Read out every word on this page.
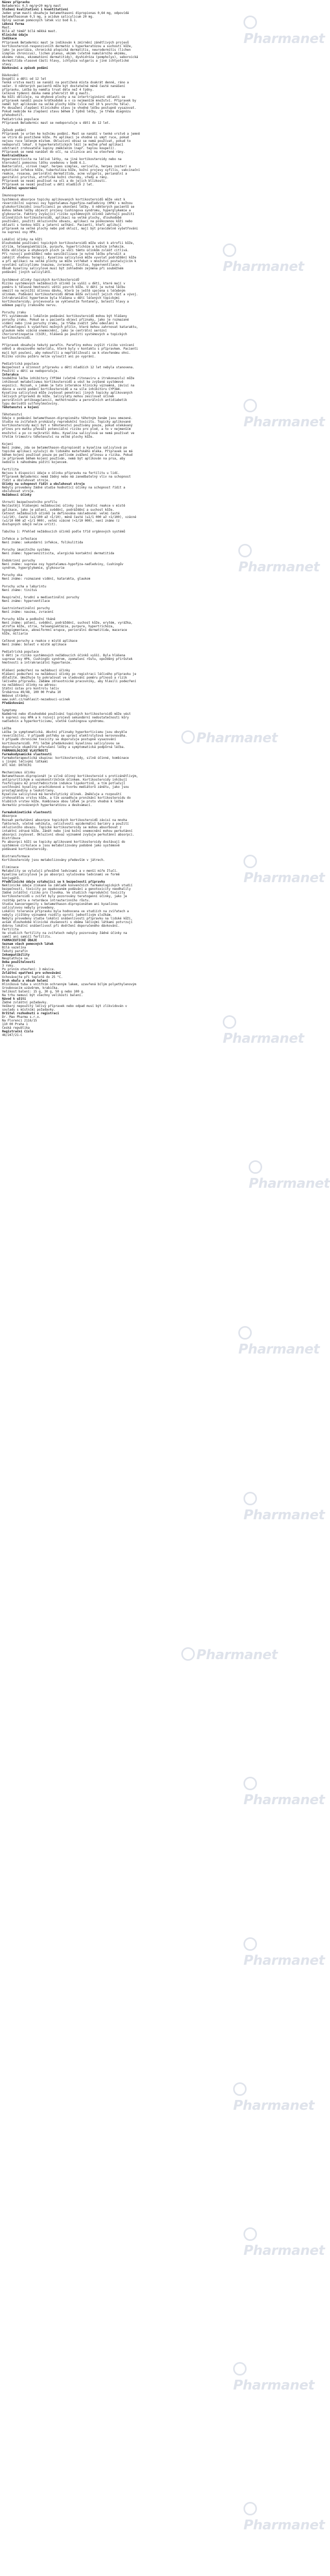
Název přípravku
Betadermic 0,5 mg/g+20 mg/g mast
Složení kvalitativní i kvantitativní
Jeden gram masti obsahuje betamethasoni dipropionas 0,64 mg, odpovídá
betamethasonum 0,5 mg, a acidum salicylicum 20 mg.
Úplný seznam pomocných látek viz bod 6.1.
Léková forma
Mast.
Bílá až téměř bílá měkká mast.
Klinické údaje
Indikace
Přípravek Betadermic mast je indikován k zmírnění zánětlivých projevů
kortikosteroid-responzivních dermatóz s hyperkeratózou a suchostí kůže,
jako je psoriáza, chronická atopická dermatitis, neurodermitis (lichen
simplex chronicus), lichen planus, ekzém (včetně numulárního ekzému,
ekzému rukou, ekzematózní dermatitidy), dyshidróza (pompholyx), seboroická
dermatitida vlasové části hlavy, ichtyóza vulgaris a jiné ichtyotické
stavy.
Dávkování a způsob podání
Dávkování
Dospělí a děti od 12 let
Tenká vrstva masti se nanáší na postižená místa dvakrát denně, ráno a
večer. U některých pacientů může být dostatečné méně časté nanášení
přípravku. Léčba by neměla trvat déle než 4 týdny.
Celková týdenní dávka nemá překročit 60 g masti.
Na kůži obličeje, na ohybové plochy a na intertriginózní oblasti se
přípravek nanáší pouze krátkodobě a v co nejmenším množství. Přípravek by
neměl být aplikován na velké plochy kůže (více než 10 % povrchu těla).
Po dosažení zlepšení klinického stavu je vhodné léčbu postupně vysazovat.
Pokud nedojde ke zlepšení stavu během 2 týdnů léčby, je třeba diagnózu
přehodnotit.
Pediatrická populace
Přípravek Betadermic mast se nedoporučuje u dětí do 12 let.
Způsob podání
Přípravek je určen ke kožnímu podání. Mast se nanáší v tenké vrstvě a jemně
se vtírá do postižené kůže. Po aplikaci je vhodné si umýt ruce, pokud
nejsou ruce léčeným místem. Okluzivní obvaz se nemá používat, pokud to
nedoporučí lékař. U hyperkeratotických lézí je možné před aplikací
odstranit zrohovatělé šupiny změkčením (např. teplou koupelí).
Přípravek se nemá nanášet do očí, na sliznice ani na otevřené rány.
Kontraindikace
Hypersenzitivita na léčivé látky, na jiné kortikosteroidy nebo na
kteroukoli pomocnou látku uvedenou v bodě 6.1.
Bakteriální, virové (např. herpes simplex, varicella, herpes zoster) a
mykotické infekce kůže, tuberkulóza kůže, kožní projevy syfilis, vakcinační
reakce, rosacea, periorální dermatitida, acne vulgaris, perianální a
genitální pruritus, atrofické kožní choroby, vředy a rány.
Přípravek se nesmí používat na oči a do jejich blízkosti.
Přípravek se nesmí používat u dětí mladších 2 let.
Zvláštní upozornění
Imunosuprese
Systémová absorpce topicky aplikovaných kortikosteroidů může vést k
reverzibilní supresi osy hypotalamus-hypofýza-nadledviny (HPA) s možnou
glukokortikoidní insuficiencí po ukončení léčby. U některých pacientů se
mohou během léčby objevit projevy Cushingova syndromu, hyperglykemie a
glykosurie. Faktory zvyšující riziko systémových účinků zahrnují použití
účinnějších kortikosteroidů, aplikaci na velké plochy, dlouhodobé
používání, použití okluzivního obvazu, aplikaci na poškozenou kůži nebo
oblasti s tenkou kůží a jaterní selhání. Pacienti, kteří aplikují
přípravek na velké plochy nebo pod okluzí, mají být pravidelně vyšetřováni
na supresi osy HPA.
Lokální účinky na kůži
Dlouhodobé používání topických kortikosteroidů může vést k atrofii kůže,
striím, teleangiektáziím, purpuře, hypertrichóze a kožním infekcím.
Kůže obličeje a ohybových ploch je vůči těmto účinkům zvlášť citlivá.
Při rozvoji podráždění nebo senzibilizace je nutné léčbu přerušit a
zahájit vhodnou terapii. Kyselina salicylová může vyvolat podráždění kůže
a při aplikaci na velké plochy se může vstřebat v množství postačujícím k
vyvolání salicylismu (nauzea, zvracení, tinitus, hyperventilace).
Obsah kyseliny salicylové musí být zohledněn zejména při souběžném
podávání jiných salicylátů.
Systémové účinky topických kortikosteroidů
Riziko systémových nežádoucích účinků je vyšší u dětí, které mají v
poměru k tělesné hmotnosti větší povrch kůže. U dětí je nutné léčbu
omezit na nejnižší účinnou dávku, která je ještě spojena s léčebným
účinkem. Podávání kortikosteroidů dětem může ovlivnit jejich růst a vývoj.
Intrakraniální hypertenze byla hlášena u dětí léčených topickými
kortikosteroidy; projevovala se vyklenutím fontanely, bolestí hlavy a
edémem papily zrakového nervu.
Poruchy zraku
Při systémovém i lokálním podávání kortikosteroidů mohou být hlášeny
poruchy zraku. Pokud se u pacienta objeví příznaky, jako je rozmazané
vidění nebo jiné poruchy zraku, je třeba zvážit jeho odeslání k
oftalmologovi k vyšetření možných příčin, které mohou zahrnovat kataraktu,
glaukom nebo vzácná onemocnění, jako je centrální serózní
chorioretinopatie (CSCR), hlášená po použití systémových a topických
kortikosteroidů.
Přípravek obsahuje tekutý parafín. Parafíny mohou zvýšit riziko vznícení
oděvů a obvazového materiálu, které byly v kontaktu s přípravkem. Pacienti
mají být poučeni, aby nekouřili a nepřibližovali se k otevřenému ohni.
Riziko vzniku požáru nelze vyloučit ani po vyprání.
Pediatrická populace
Bezpečnost a účinnost přípravku u dětí mladších 12 let nebyla stanovena.
Použití u dětí se nedoporučuje.
Interakce
Souběžná léčba inhibitory CYP3A4 (včetně ritonaviru a itrakonazolu) může
inhibovat metabolismus kortikosteroidů a vést ke zvýšené systémové
expozici. Rozsah, v jakém je tato interakce klinicky významná, závisí na
dávce a cestě podání kortikosteroidů a na síle inhibitoru CYP3A4.
Kyselina salicylová může zvyšovat penetraci jiných topicky aplikovaných
léčivých přípravků do kůže. Salicyláty mohou zesilovat účinek
perorálních antikoagulancií, methotrexátu a perorálních antidiabetik
typu derivátů sulfonylmočoviny.
Těhotenství a kojení
Těhotenství
Údaje o podávání betamethason-dipropionátu těhotným ženám jsou omezené.
Studie na zvířatech prokázaly reprodukční toxicitu. Topicky aplikované
kortikosteroidy mají být v těhotenství používány pouze, pokud očekávaný
přínos pro matku převáží potenciální riziko pro plod, a to v nejmenším
množství a po co nejkratší dobu. Kyselina salicylová se nemá používat ve
třetím trimestru těhotenství na velké plochy kůže.
Kojení
Není známo, zda se betamethason-dipropionát a kyselina salicylová po
topické aplikaci vylučují do lidského mateřského mléka. Přípravek se má
během kojení používat pouze po pečlivém zvážení přínosu a rizika. Pokud
je přípravek během kojení používán, nemá být aplikován na prsa, aby
nedošlo k náhodnému požití kojencem.
Fertilita
Nejsou k dispozici údaje o účinku přípravku na fertilitu u lidí.
Přípravek Betadermic nemá žádný nebo má zanedbatelný vliv na schopnost
řídit a obsluhovat stroje.
Účinky na schopnost řídit a obsluhovat stroje
Nebyly provedeny žádné studie hodnotící účinky na schopnost řídit a
obsluhovat stroje.
Nežádoucí účinky
Shrnutí bezpečnostního profilu
Nejčastěji hlášenými nežádoucími účinky jsou lokální reakce v místě
aplikace, jako je pálení, svědění, podráždění a suchost kůže.
Četnost nežádoucích účinků je definována následovně: velmi časté
(≥1/10), časté (≥1/100 až <1/10), méně časté (≥1/1 000 až <1/100), vzácné
(≥1/10 000 až <1/1 000), velmi vzácné (<1/10 000), není známo (z
dostupných údajů nelze určit).
Tabulka 1: Přehled nežádoucích účinků podle tříd orgánových systémů
Infekce a infestace
Není známo: sekundární infekce, folikulitida
Poruchy imunitního systému
Není známo: hypersenzitivita, alergická kontaktní dermatitida
Endokrinní poruchy
Není známo: suprese osy hypotalamus-hypofýza-nadledviny, Cushingův
syndrom, hyperglykemie, glykosurie
Poruchy oka
Není známo: rozmazané vidění, katarakta, glaukom
Poruchy ucha a labyrintu
Není známo: tinitus
Respirační, hrudní a mediastinální poruchy
Není známo: hyperventilace
Gastrointestinální poruchy
Není známo: nauzea, zvracení
Poruchy kůže a podkožní tkáně
Není známo: pálení, svědění, podráždění, suchost kůže, erytém, vyrážka,
atrofie kůže, strie, teleangiektázie, purpura, hypertrichóza,
hypopigmentace, akneiformní erupce, periorální dermatitida, macerace
kůže, miliaria
Celkové poruchy a reakce v místě aplikace
Není známo: bolest v místě aplikace
Pediatrická populace
U dětí je riziko systémových nežádoucích účinků vyšší. Byla hlášena
suprese osy HPA, Cushingův syndrom, zpomalení růstu, opožděný přírůstek
hmotnosti a intrakraniální hypertenze.
Hlášení podezření na nežádoucí účinky
Hlášení podezření na nežádoucí účinky po registraci léčivého přípravku je
důležité. Umožňuje to pokračovat ve sledování poměru přínosů a rizik
léčivého přípravku. Žádáme zdravotnické pracovníky, aby hlásili podezření
na nežádoucí účinky na adresu:
Státní ústav pro kontrolu léčiv
Šrobárova 49/48, 100 00 Praha 10
Webové stránky:
www.sukl.cz/nahlasit-nezadouci-ucinek
Předávkování
Symptomy
Nadměrné nebo dlouhodobé používání topických kortikosteroidů může vést
k supresi osy HPA a k rozvoji projevů sekundární nedostatečnosti kůry
nadledvin a hyperkorticismu, včetně Cushingova syndromu.
Léčba
Léčba je symptomatická. Akutní příznaky hyperkorticismu jsou obvykle
reverzibilní. V případě potřeby se upraví elektrolytová nerovnováha.
V případě chronické toxicity se doporučuje postupné vysazování
kortikosteroidů. Při léčbě předávkování kyselinou salicylovou se
doporučuje okamžité přerušení léčby a symptomatická podpůrná léčba.
FARMAKOLOGICKÉ VLASTNOSTI
Farmakodynamické vlastnosti
Farmakoterapeutická skupina: kortikosteroidy, silně účinné, kombinace
s jinými léčivými látkami
ATC kód: D07XC01
Mechanismus účinku
Betamethason-dipropionát je silně účinný kortikosteroid s protizánětlivým,
antipruritickým a vazokonstrikčním účinkem. Kortikosteroidy inhibují
fosfolipázu A2 prostřednictvím indukce lipokortinů, a tím potlačují
uvolňování kyseliny arachidonové a tvorbu mediátorů zánětu, jako jsou
prostaglandiny a leukotrieny.
Kyselina salicylová má keratolytický účinek. Změkčuje a rozpouští
zrohovatělou vrstvu kůže, a tím usnadňuje pronikání kortikosteroidu do
hlubších vrstev kůže. Kombinace obou látek je proto vhodná k léčbě
dermatóz provázených hyperkeratózou a deskvamací.
Farmakokinetické vlastnosti
Absorpce
Rozsah perkutánní absorpce topických kortikosteroidů závisí na mnoha
faktorech, včetně vehikula, celistvosti epidermální bariéry a použití
okluzivního obvazu. Topické kortikosteroidy se mohou absorbovat z
intaktní zdravé kůže. Zánět nebo jiné kožní onemocnění mohou perkutánní
absorpci zvyšovat. Okluzivní obvaz významně zvyšuje perkutánní absorpci.
Distribuce
Po absorpci kůží se topicky aplikované kortikosteroidy dostávají do
systémové cirkulace a jsou metabolizovány podobně jako systémově
podávané kortikosteroidy.
Biotransformace
Kortikosteroidy jsou metabolizovány především v játrech.
Eliminace
Metabolity se vylučují převážně ledvinami a v menší míře žlučí.
Kyselina salicylová je po absorpci vylučována ledvinami ve formě
konjugátů.
Předklinické údaje vztahující se k bezpečnosti přípravku
Neklinické údaje získané na základě konvenčních farmakologických studií
bezpečnosti, toxicity po opakovaném podávání a genotoxicity neodhalily
žádné zvláštní riziko pro člověka. Ve studiích reprodukční toxicity
kortikosteroidů u zvířat byly pozorovány teratogenní účinky, jako je
rozštěp patra a retardace intrauterinního růstu.
Studie kancerogenity s betamethason-dipropionátem ani kyselinou
salicylovou nebyly provedeny.
Lokální tolerance přípravku byla hodnocena ve studiích na zvířatech a
nebyly zjištěny významné rozdíly oproti jednotlivým složkám.
Nebyly provedeny studie lokální snášenlivosti přípravku na lidské kůži,
avšak dlouhodobé klinické zkušenosti s oběma léčivými látkami potvrzují
dobrou lokální snášenlivost při dodržení doporučeného dávkování.
Fertilita
Ve studiích fertility na zvířatech nebyly pozorovány žádné účinky na
samčí ani samičí fertilitu.
FARMACEUTICKÉ ÚDAJE
Seznam všech pomocných látek
Bílá vazelína
Tekutý parafín
Inkompatibility
Neuplatňuje se.
Doba použitelnosti
3 roky.
Po prvním otevření: 3 měsíce.
Zvláštní opatření pro uchovávání
Uchovávejte při teplotě do 25 °C.
Druh obalu a obsah balení
Hliníková tuba s vnitřním ochranným lakem, uzavřená bílým polyethylenovým
šroubovacím uzávěrem, krabička.
Velikost balení: 15 g, 30 g, 50 g nebo 100 g.
Na trhu nemusí být všechny velikosti balení.
Návod k užití
Žádné zvláštní požadavky.
Veškerý nepoužitý léčivý přípravek nebo odpad musí být zlikvidován v
souladu s místními požadavky.
Držitel rozhodnutí o registraci
Dr. Max Pharma s.r.o.
Na Florenci 2116/15
110 00 Praha 1
Česká republika
Registrační číslo
46/247/21-C
Pharmanet
Pharmanet
Pharmanet
Pharmanet
Pharmanet
Pharmanet
Pharmanet
Pharmanet
Pharmanet
Pharmanet
Pharmanet
Pharmanet
Pharmanet
Pharmanet
Pharmanet
Pharmanet
Pharmanet
